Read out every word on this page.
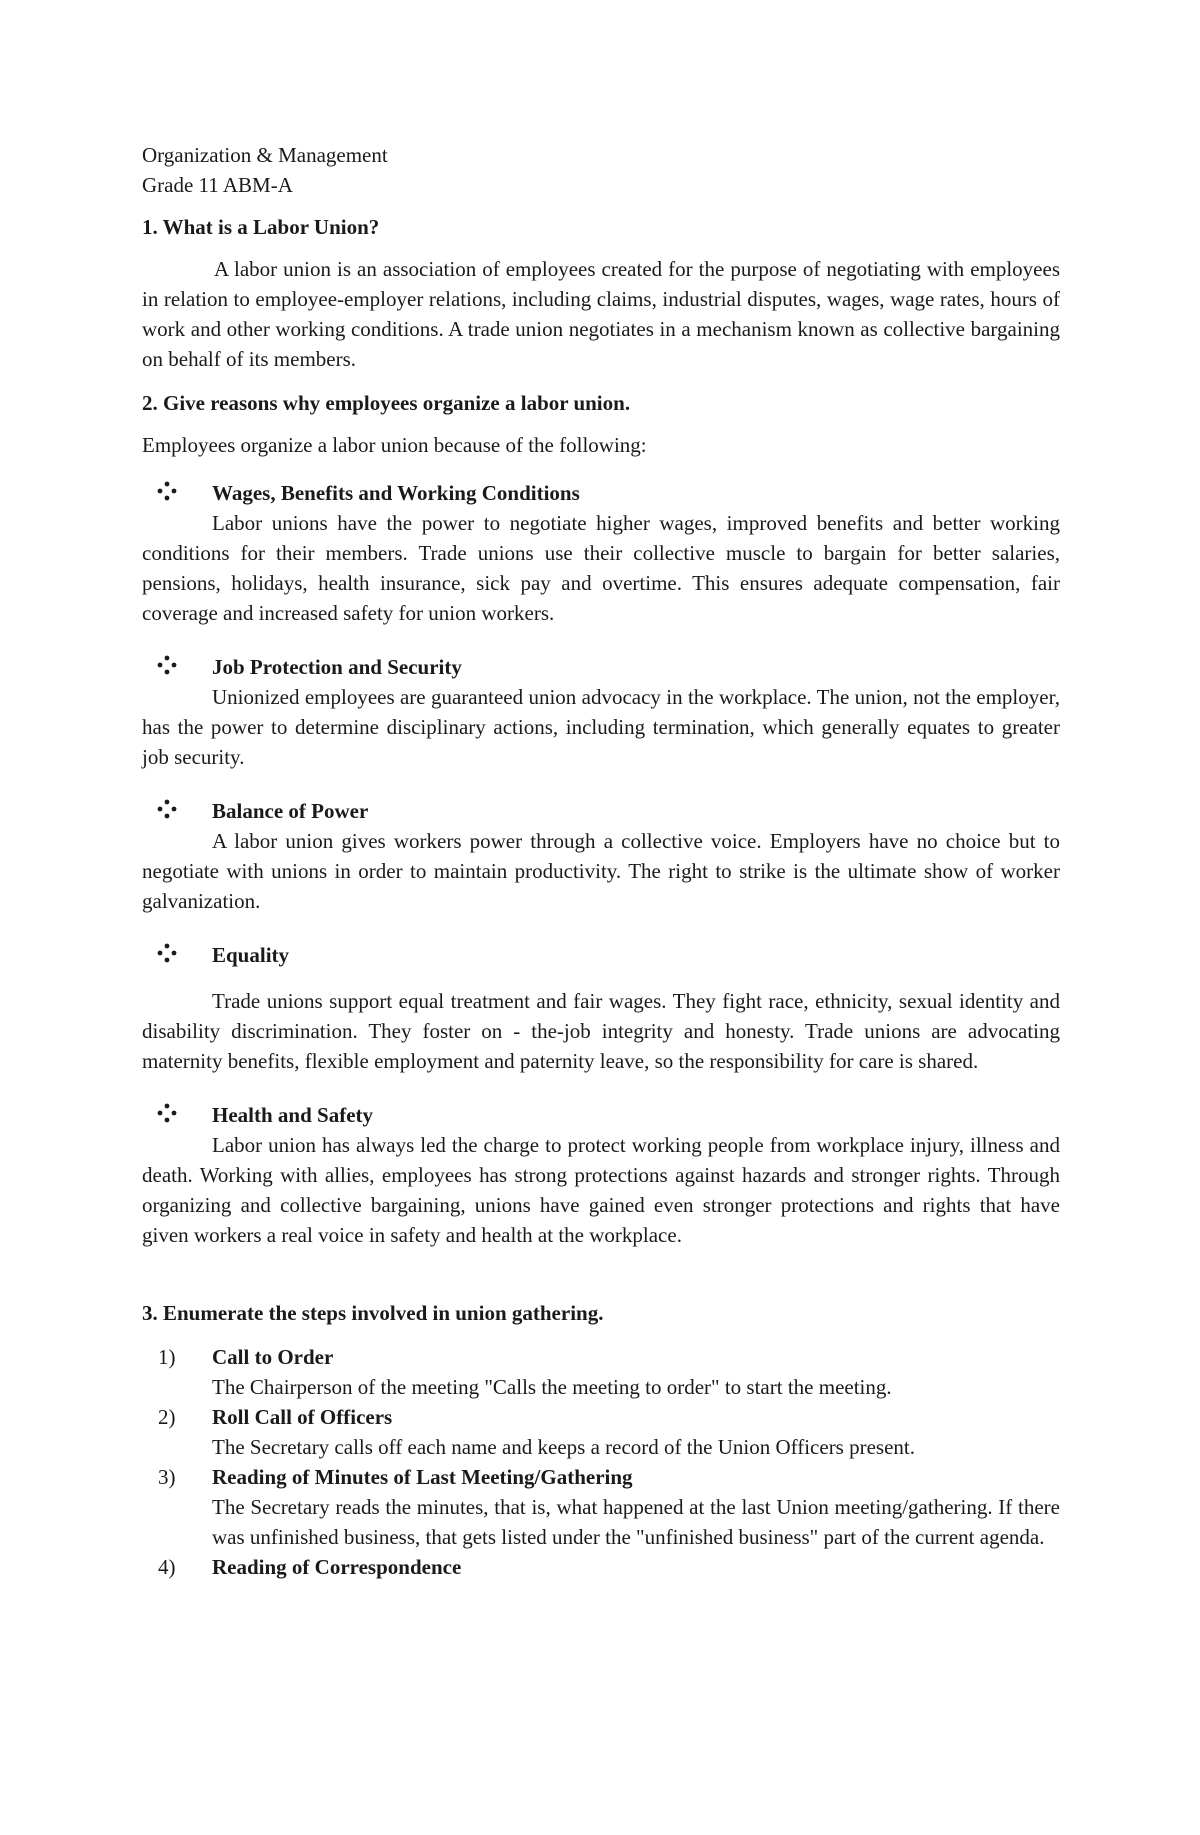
Organization & Management

Grade 11 ABM-A

1. What is a Labor Union?

A labor union is an association of employees created for the purpose of negotiating with employees in relation to employee-employer relations, including claims, industrial disputes, wages, wage rates, hours of work and other working conditions. A trade union negotiates in a mechanism known as collective bargaining on behalf of its members.

2. Give reasons why employees organize a labor union.

Employees organize a labor union because of the following:

Wages, Benefits and Working Conditions

Labor unions have the power to negotiate higher wages, improved benefits and better working conditions for their members. Trade unions use their collective muscle to bargain for better salaries, pensions, holidays, health insurance, sick pay and overtime. This ensures adequate compensation, fair coverage and increased safety for union workers.

Job Protection and Security

Unionized employees are guaranteed union advocacy in the workplace. The union, not the employer, has the power to determine disciplinary actions, including termination, which generally equates to greater job security.

Balance of Power

A labor union gives workers power through a collective voice. Employers have no choice but to negotiate with unions in order to maintain productivity. The right to strike is the ultimate show of worker galvanization.

Equality

Trade unions support equal treatment and fair wages. They fight race, ethnicity, sexual identity and disability discrimination. They foster on - the-job integrity and honesty. Trade unions are advocating maternity benefits, flexible employment and paternity leave, so the responsibility for care is shared.

Health and Safety

Labor union has always led the charge to protect working people from workplace injury, illness and death. Working with allies, employees has strong protections against hazards and stronger rights. Through organizing and collective bargaining, unions have gained even stronger protections and rights that have given workers a real voice in safety and health at the workplace.

3. Enumerate the steps involved in union gathering.

1) Call to Order
The Chairperson of the meeting "Calls the meeting to order" to start the meeting.
2) Roll Call of Officers
The Secretary calls off each name and keeps a record of the Union Officers present.
3) Reading of Minutes of Last Meeting/Gathering
The Secretary reads the minutes, that is, what happened at the last Union meeting/gathering. If there was unfinished business, that gets listed under the "unfinished business" part of the current agenda.
4) Reading of Correspondence
